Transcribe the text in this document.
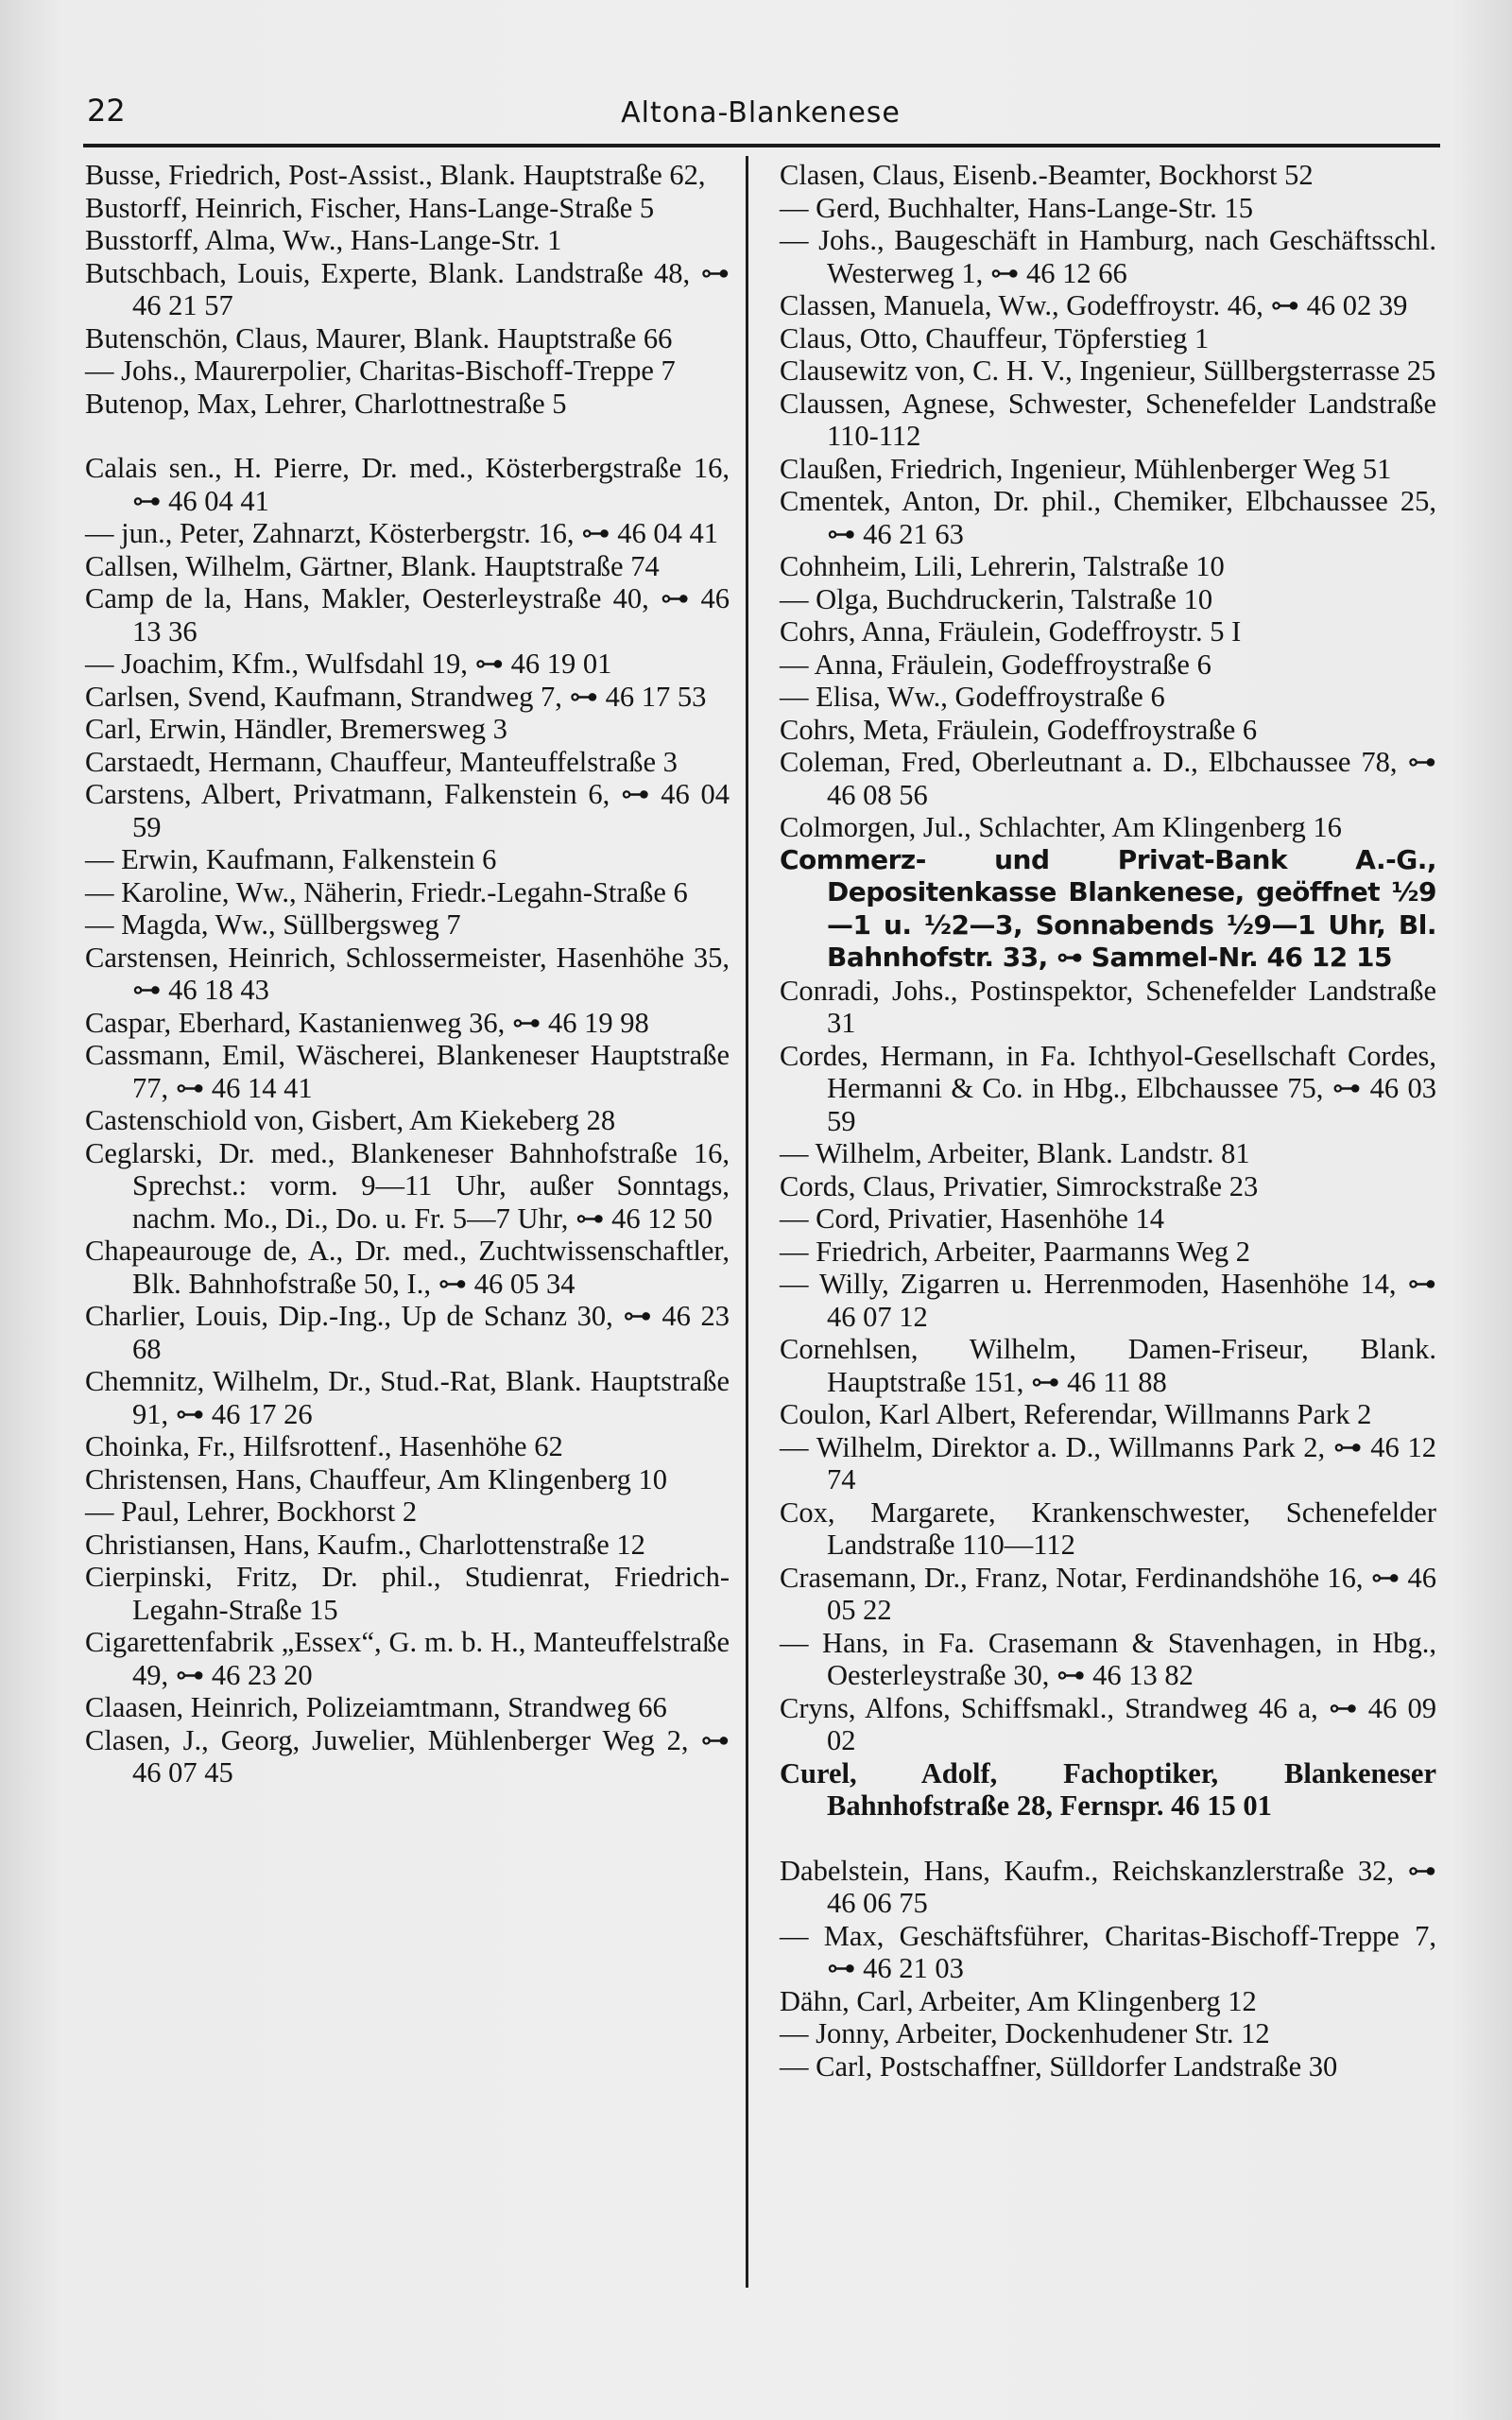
22	Altona-Blankenese
Busse, Friedrich, Post-Assist., Blank. Hauptstraße 62,
Bustorff, Heinrich, Fischer, Hans-Lange-Straße 5
Busstorff, Alma, Ww., Hans-Lange-Str. 1
Butschbach, Louis, Experte, Blank. Landstraße 48, ⊶ 46 21 57
Butenschön, Claus, Maurer, Blank. Hauptstraße 66
— Johs., Maurerpolier, Charitas-Bischoff-Treppe 7
Butenop, Max, Lehrer, Charlottnestraße 5
Calais sen., H. Pierre, Dr. med., Kösterbergstraße 16, ⊶ 46 04 41
— jun., Peter, Zahnarzt, Kösterbergstr. 16, ⊶ 46 04 41
Callsen, Wilhelm, Gärtner, Blank. Hauptstraße 74
Camp de la, Hans, Makler, Oesterleystraße 40, ⊶ 46 13 36
— Joachim, Kfm., Wulfsdahl 19, ⊶ 46 19 01
Carlsen, Svend, Kaufmann, Strandweg 7, ⊶ 46 17 53
Carl, Erwin, Händler, Bremersweg 3
Carstaedt, Hermann, Chauffeur, Manteuffelstraße 3
Carstens, Albert, Privatmann, Falkenstein 6, ⊶ 46 04 59
— Erwin, Kaufmann, Falkenstein 6
— Karoline, Ww., Näherin, Friedr.-Legahn-Straße 6
— Magda, Ww., Süllbergsweg 7
Carstensen, Heinrich, Schlossermeister, Hasenhöhe 35, ⊶ 46 18 43
Caspar, Eberhard, Kastanienweg 36, ⊶ 46 19 98
Cassmann, Emil, Wäscherei, Blankeneser Hauptstraße 77, ⊶ 46 14 41
Castenschiold von, Gisbert, Am Kiekeberg 28
Ceglarski, Dr. med., Blankeneser Bahnhofstraße 16, Sprechst.: vorm. 9—11 Uhr, außer Sonntags, nachm. Mo., Di., Do. u. Fr. 5—7 Uhr, ⊶ 46 12 50
Chapeaurouge de, A., Dr. med., Zuchtwissenschaftler, Blk. Bahnhofstraße 50, I., ⊶ 46 05 34
Charlier, Louis, Dip.-Ing., Up de Schanz 30, ⊶ 46 23 68
Chemnitz, Wilhelm, Dr., Stud.-Rat, Blank. Hauptstraße 91, ⊶ 46 17 26
Choinka, Fr., Hilfsrottenf., Hasenhöhe 62
Christensen, Hans, Chauffeur, Am Klingenberg 10
— Paul, Lehrer, Bockhorst 2
Christiansen, Hans, Kaufm., Charlottenstraße 12
Cierpinski, Fritz, Dr. phil., Studienrat, Friedrich-Legahn-Straße 15
Cigarettenfabrik „Essex“, G. m. b. H., Manteuffelstraße 49, ⊶ 46 23 20
Claasen, Heinrich, Polizeiamtmann, Strandweg 66
Clasen, J., Georg, Juwelier, Mühlenberger Weg 2, ⊶ 46 07 45
Clasen, Claus, Eisenb.-Beamter, Bockhorst 52
— Gerd, Buchhalter, Hans-Lange-Str. 15
— Johs., Baugeschäft in Hamburg, nach Geschäftsschl. Westerweg 1, ⊶ 46 12 66
Classen, Manuela, Ww., Godeffroystr. 46, ⊶ 46 02 39
Claus, Otto, Chauffeur, Töpferstieg 1
Clausewitz von, C. H. V., Ingenieur, Süllbergsterrasse 25
Claussen, Agnese, Schwester, Schenefelder Landstraße 110-112
Claußen, Friedrich, Ingenieur, Mühlenberger Weg 51
Cmentek, Anton, Dr. phil., Chemiker, Elbchaussee 25, ⊶ 46 21 63
Cohnheim, Lili, Lehrerin, Talstraße 10
— Olga, Buchdruckerin, Talstraße 10
Cohrs, Anna, Fräulein, Godeffroystr. 5 I
— Anna, Fräulein, Godeffroystraße 6
— Elisa, Ww., Godeffroystraße 6
Cohrs, Meta, Fräulein, Godeffroystraße 6
Coleman, Fred, Oberleutnant a. D., Elbchaussee 78, ⊶ 46 08 56
Colmorgen, Jul., Schlachter, Am Klingenberg 16
Commerz- und Privat-Bank A.-G., Depositenkasse Blankenese, geöffnet ½9—1 u. ½2—3, Sonnabends ½9—1 Uhr, Bl. Bahnhofstr. 33, ⊶ Sammel-Nr. 46 12 15
Conradi, Johs., Postinspektor, Schenefelder Landstraße 31
Cordes, Hermann, in Fa. Ichthyol-Gesellschaft Cordes, Hermanni & Co. in Hbg., Elbchaussee 75, ⊶ 46 03 59
— Wilhelm, Arbeiter, Blank. Landstr. 81
Cords, Claus, Privatier, Simrockstraße 23
— Cord, Privatier, Hasenhöhe 14
— Friedrich, Arbeiter, Paarmanns Weg 2
— Willy, Zigarren u. Herrenmoden, Hasenhöhe 14, ⊶ 46 07 12
Cornehlsen, Wilhelm, Damen-Friseur, Blank. Hauptstraße 151, ⊶ 46 11 88
Coulon, Karl Albert, Referendar, Willmanns Park 2
— Wilhelm, Direktor a. D., Willmanns Park 2, ⊶ 46 12 74
Cox, Margarete, Krankenschwester, Schenefelder Landstraße 110—112
Crasemann, Dr., Franz, Notar, Ferdinandshöhe 16, ⊶ 46 05 22
— Hans, in Fa. Crasemann & Stavenhagen, in Hbg., Oesterleystraße 30, ⊶ 46 13 82
Cryns, Alfons, Schiffsmakl., Strandweg 46 a, ⊶ 46 09 02
Curel, Adolf, Fachoptiker, Blankeneser Bahnhofstraße 28, Fernspr. 46 15 01
Dabelstein, Hans, Kaufm., Reichskanzlerstraße 32, ⊶ 46 06 75
— Max, Geschäftsführer, Charitas-Bischoff-Treppe 7, ⊶ 46 21 03
Dähn, Carl, Arbeiter, Am Klingenberg 12
— Jonny, Arbeiter, Dockenhudener Str. 12
— Carl, Postschaffner, Sülldorfer Landstraße 30
